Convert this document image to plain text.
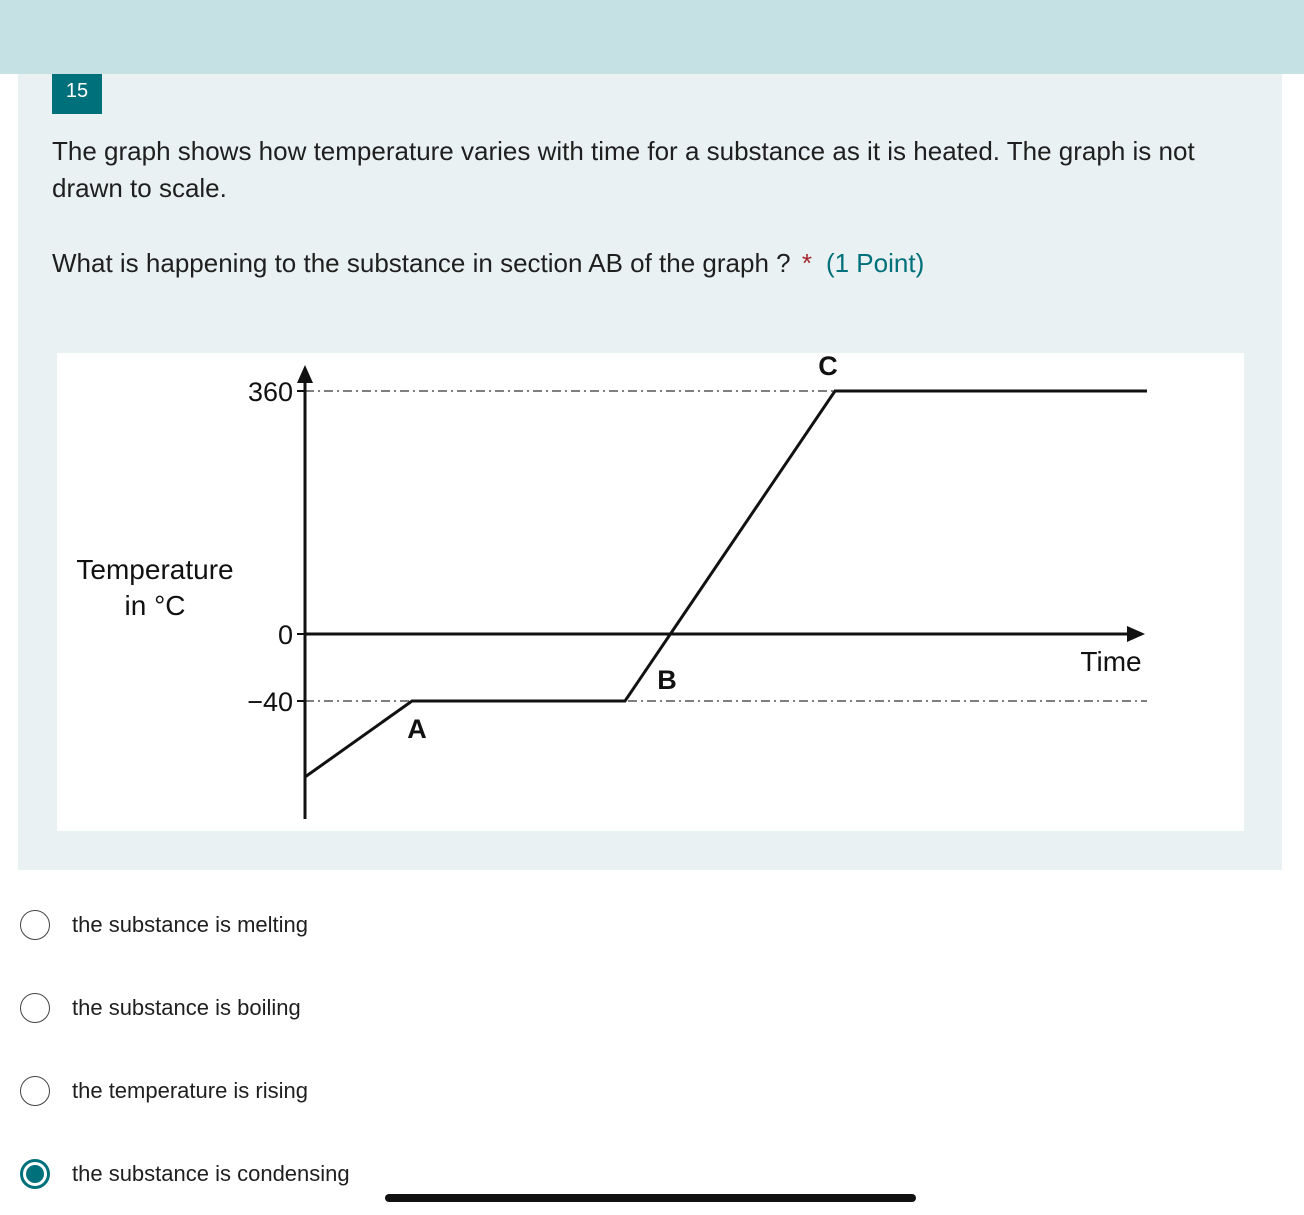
15

The graph shows how temperature varies with time for a substance as it is heated. The graph is not drawn to scale.

What is happening to the substance in section AB of the graph ? * (1 Point)

360
0
−40
Temperature
in °C
Time
A
B
C
the substance is melting
the substance is boiling
the temperature is rising
the substance is condensing
